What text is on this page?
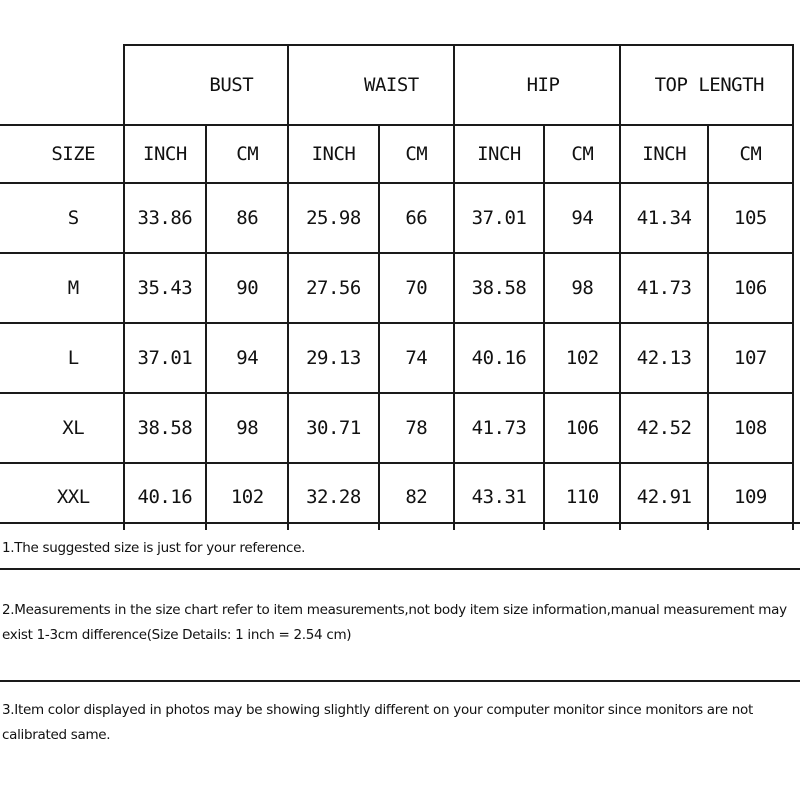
	BUST		WAIST		HIP		TOP LENGTH	
SIZE	INCH	CM	INCH	CM	INCH	CM	INCH	CM
S	33.86	86	25.98	66	37.01	94	41.34	105
M	35.43	90	27.56	70	38.58	98	41.73	106
L	37.01	94	29.13	74	40.16	102	42.13	107
XL	38.58	98	30.71	78	41.73	106	42.52	108
XXL	40.16	102	32.28	82	43.31	110	42.91	109

1.The suggested size is just for your reference.

2.Measurements in the size chart refer to item measurements,not body item size information,manual measurement may exist 1-3cm difference(Size Details: 1 inch = 2.54 cm)

3.Item color displayed in photos may be showing slightly different on your computer monitor since monitors are not calibrated same.
